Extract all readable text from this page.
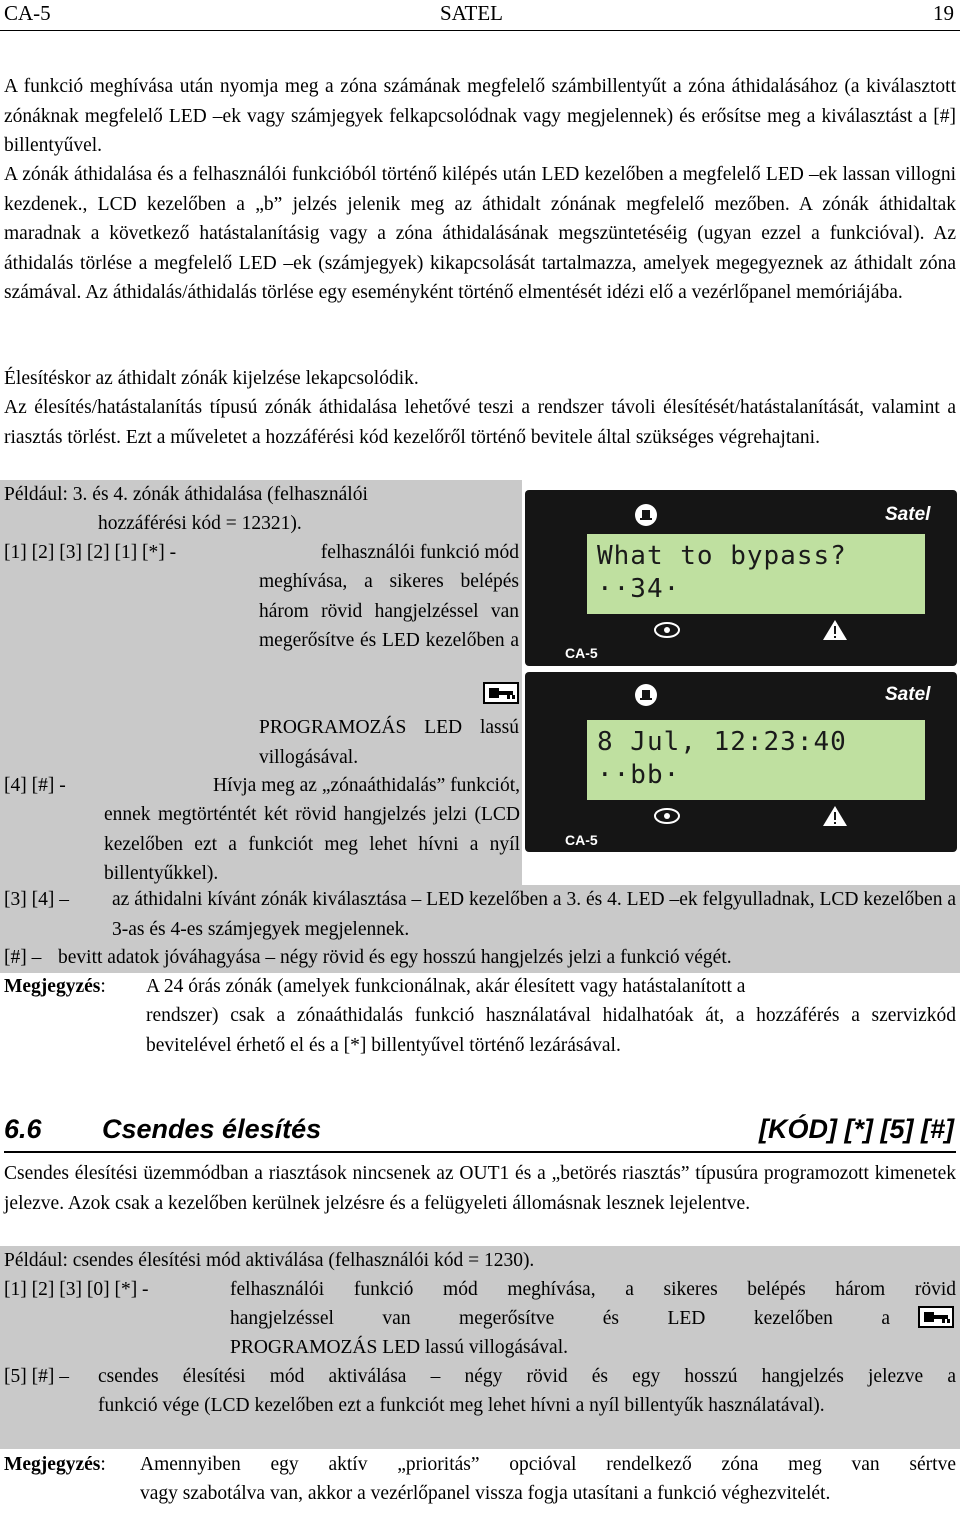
CA-5	SATEL	19

A funkció meghívása után nyomja meg a zóna számának megfelelő számbillentyűt a zóna áthidalásához (a kiválasztott zónáknak megfelelő LED –ek vagy számjegyek felkapcsolódnak vagy megjelennek) és erősítse meg a kiválasztást a [#] billentyűvel.

A zónák áthidalása és a felhasználói funkcióból történő kilépés után LED kezelőben a megfelelő LED –ek lassan villogni kezdenek., LCD kezelőben a „b” jelzés jelenik meg az áthidalt zónának megfelelő mezőben. A zónák áthidaltak maradnak a következő hatástalanításig vagy a zóna áthidalásának megszüntetéséig (ugyan ezzel a funkcióval). Az áthidalás törlése a megfelelő LED –ek (számjegyek) kikapcsolását tartalmazza, amelyek megegyeznek az áthidalt zóna számával. Az áthidalás/áthidalás törlése egy eseményként történő elmentését idézi elő a vezérlőpanel memóriájába.

Élesítéskor az áthidalt zónák kijelzése lekapcsolódik.

Az élesítés/hatástalanítás típusú zónák áthidalása lehetővé teszi a rendszer távoli élesítését/hatástalanítását, valamint a riasztás törlést. Ezt a műveletet a hozzáférési kód kezelőről történő bevitele által szükséges végrehajtani.

Például: 3. és 4. zónák áthidalása (felhasználói
hozzáférési kód = 12321).
[1] [2] [3] [2] [1] [*] -	felhasználói funkció mód
meghívása, a sikeres belépés három rövid hangjelzéssel van megerősítve és LED kezelőben a
PROGRAMOZÁS LED lassú villogásával.
[4] [#] -	Hívja meg az „zónaáthidalás” funkciót,
ennek megtörténtét két rövid hangjelzés jelzi (LCD kezelőben ezt a funkciót meg lehet hívni a nyíl billentyűkkel).
[3] [4] – az áthidalni kívánt zónák kiválasztása – LED kezelőben a 3. és 4. LED –ek felgyulladnak, LCD kezelőben a 3-as és 4-es számjegyek megjelennek.
[#] – bevitt adatok jóváhagyása – négy rövid és egy hosszú hangjelzés jelzi a funkció végét.
Satel
What to bypass?
··34·
CA-5
Satel
8 Jul, 12:23:40
··bb·
CA-5
Megjegyzés: A 24 órás zónák (amelyek funkcionálnak, akár élesített vagy hatástalanított a
rendszer) csak a zónaáthidalás funkció használatával hidalhatóak át, a hozzáférés a szervizkód bevitelével érhető el és a [*] billentyűvel történő lezárásával.
6.6 Csendes élesítés	[KÓD] [*] [5] [#]

Csendes élesítési üzemmódban a riasztások nincsenek az OUT1 és a „betörés riasztás” típusúra programozott kimenetek jelezve. Azok csak a kezelőben kerülnek jelzésre és a felügyeleti állomásnak lesznek lejelentve.

Például: csendes élesítési mód aktiválása (felhasználói kód = 1230).
[1] [2] [3] [0] [*] -	felhasználói funkció mód meghívása, a sikeres belépés három rövid
hangjelzéssel van megerősítve és LED kezelőben a
PROGRAMOZÁS LED lassú villogásával.
[5] [#] – csendes élesítési mód aktiválása – négy rövid és egy hosszú hangjelzés jelezve a
funkció vége (LCD kezelőben ezt a funkciót meg lehet hívni a nyíl billentyűk használatával).
Megjegyzés: Amennyiben egy aktív „prioritás” opcióval rendelkező zóna meg van sértve
vagy szabotálva van, akkor a vezérlőpanel vissza fogja utasítani a funkció véghezvitelét.
